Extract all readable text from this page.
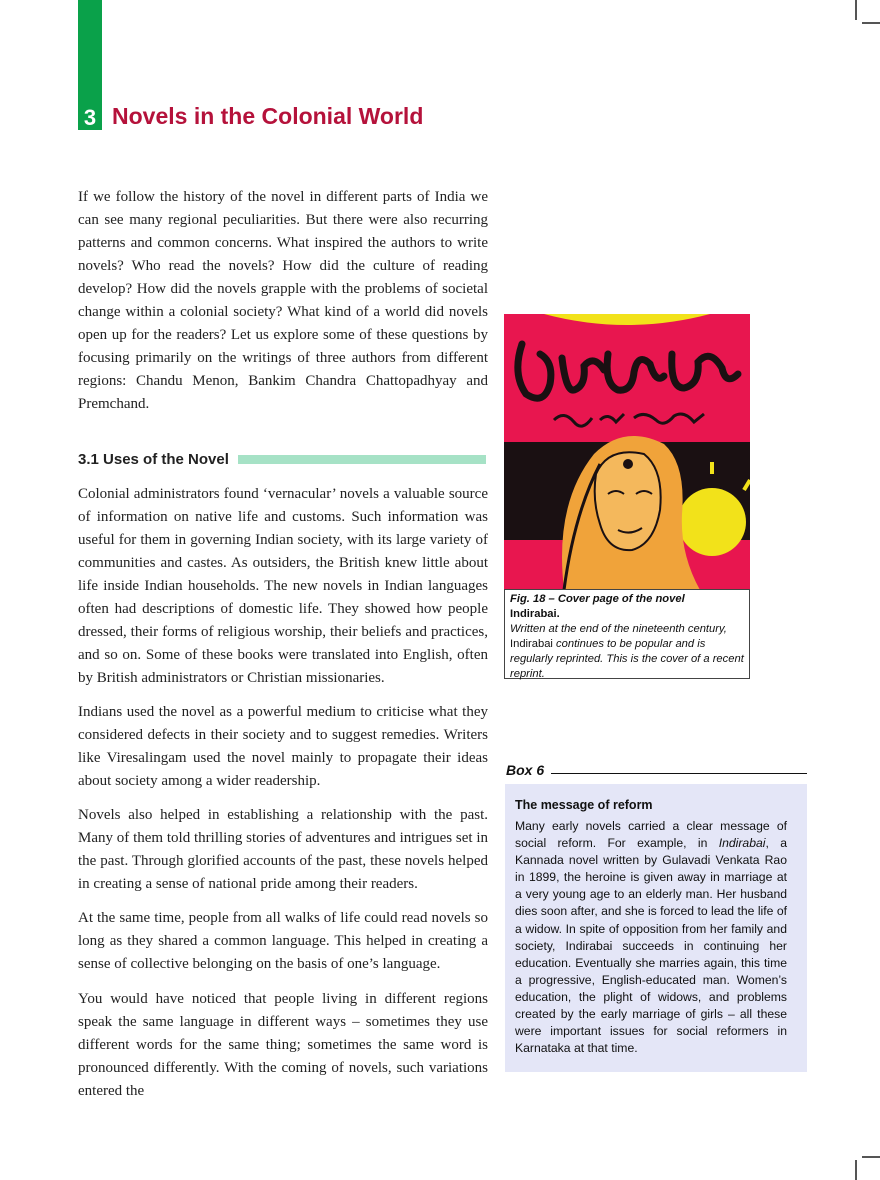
3 Novels in the Colonial World

If we follow the history of the novel in different parts of India we can see many regional peculiarities. But there were also recurring patterns and common concerns. What inspired the authors to write novels? Who read the novels? How did the culture of reading develop? How did the novels grapple with the problems of societal change within a colonial society? What kind of a world did novels open up for the readers? Let us explore some of these questions by focusing primarily on the writings of three authors from different regions: Chandu Menon, Bankim Chandra Chattopadhyay and Premchand.

3.1 Uses of the Novel

Colonial administrators found ‘vernacular’ novels a valuable source of information on native life and customs. Such information was useful for them in governing Indian society, with its large variety of communities and castes. As outsiders, the British knew little about life inside Indian households. The new novels in Indian languages often had descriptions of domestic life. They showed how people dressed, their forms of religious worship, their beliefs and practices, and so on. Some of these books were translated into English, often by British administrators or Christian missionaries.

Indians used the novel as a powerful medium to criticise what they considered defects in their society and to suggest remedies. Writers like Viresalingam used the novel mainly to propagate their ideas about society among a wider readership.

Novels also helped in establishing a relationship with the past. Many of them told thrilling stories of adventures and intrigues set in the past. Through glorified accounts of the past, these novels helped in creating a sense of national pride among their readers.

At the same time, people from all walks of life could read novels so long as they shared a common language. This helped in creating a sense of collective belonging on the basis of one’s language.

You would have noticed that people living in different regions speak the same language in different ways – sometimes they use different words for the same thing; sometimes the same word is pronounced differently. With the coming of novels, such variations entered the

Fig. 18 – Cover page of the novel
Indirabai.
Written at the end of the nineteenth century, Indirabai continues to be popular and is regularly reprinted. This is the cover of a recent reprint.
Box 6
The message of reform

Many early novels carried a clear message of social reform. For example, in Indirabai, a Kannada novel written by Gulavadi Venkata Rao in 1899, the heroine is given away in marriage at a very young age to an elderly man. Her husband dies soon after, and she is forced to lead the life of a widow. In spite of opposition from her family and society, Indirabai succeeds in continuing her education. Eventually she marries again, this time a progressive, English-educated man. Women’s education, the plight of widows, and problems created by the early marriage of girls – all these were important issues for social reformers in Karnataka at that time.
